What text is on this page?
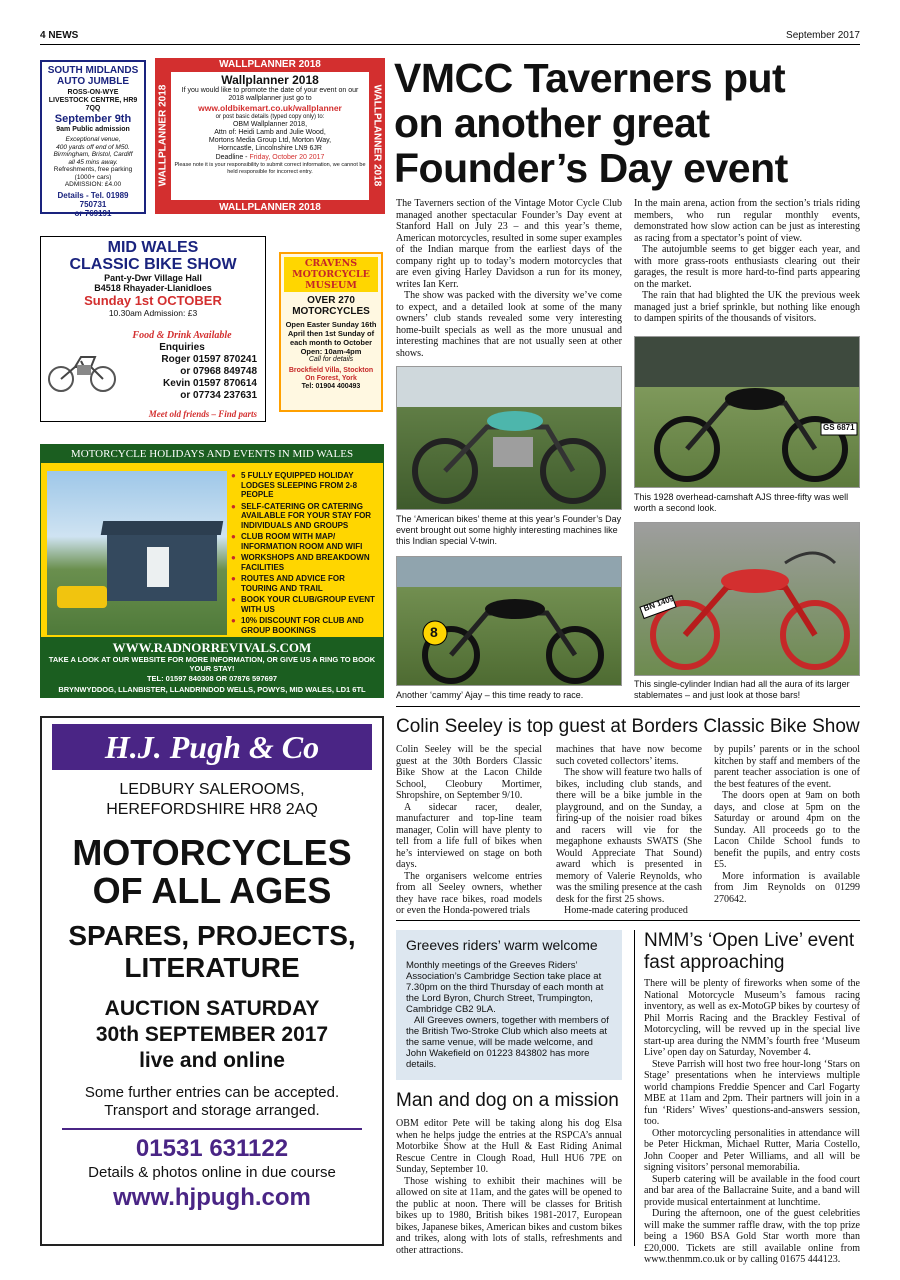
4 NEWS	September 2017
SOUTH MIDLANDS
AUTO JUMBLE
ROSS-ON-WYE
LIVESTOCK CENTRE, HR9 7QQ
September 9th
9am Public admission
Exceptional venue,
400 yards off end of M50.
Birmingham, Bristol, Cardiff
all 45 mins away.
Refreshments, free parking
(1000+ cars)
ADMISSION: £4.00
Details - Tel. 01989 750731
or 769191
WALLPLANNER 2018
WALLPLANNER 2018
WALLPLANNER 2018	WALLPLANNER 2018
Wallplanner 2018
If you would like to promote the date of your event on our 2018 wallplanner just go to
www.oldbikemart.co.uk/wallplanner
or post basic details (typed copy only) to:
OBM Wallplanner 2018,
Attn of: Heidi Lamb and Julie Wood,
Mortons Media Group Ltd, Morton Way,
Horncastle, Lincolnshire LN9 6JR
Deadline - Friday, October 20 2017
Please note it is your responsibility to submit correct information, we cannot be held responsible for incorrect entry.
MID WALES
CLASSIC BIKE SHOW
Pant-y-Dwr Village Hall
B4518 Rhayader-Llanidloes
Sunday 1st OCTOBER
10.30am Admission: £3
Food & Drink Available
Enquiries
Roger 01597 870241
or 07968 849748
Kevin 01597 870614
or 07734 237631
Meet old friends – Find parts
CRAVENS MOTORCYCLE MUSEUM
OVER 270 MOTORCYCLES
Open Easter Sunday 16th April then 1st Sunday of each month to October
Open: 10am-4pm
Call for details
Brockfield Villa, Stockton On Forest, York
Tel: 01904 400493
MOTORCYCLE HOLIDAYS AND EVENTS IN MID WALES
● 5 FULLY EQUIPPED HOLIDAY LODGES SLEEPING FROM 2-8 PEOPLE
● SELF-CATERING OR CATERING AVAILABLE FOR YOUR STAY FOR INDIVIDUALS AND GROUPS
● CLUB ROOM WITH MAP/ INFORMATION ROOM AND WIFI
● WORKSHOPS AND BREAKDOWN FACILITIES
● ROUTES AND ADVICE FOR TOURING AND TRAIL
● BOOK YOUR CLUB/GROUP EVENT WITH US
● 10% DISCOUNT FOR CLUB AND GROUP BOOKINGS
WWW.RADNORREVIVALS.COM
TAKE A LOOK AT OUR WEBSITE FOR MORE INFORMATION, OR GIVE US A RING TO BOOK YOUR STAY!
TEL: 01597 840308 OR 07876 597697
BRYNWYDDOG, LLANBISTER, LLANDRINDOD WELLS, POWYS, MID WALES, LD1 6TL
H.J. Pugh & Co
LEDBURY SALEROOMS,
HEREFORDSHIRE HR8 2AQ
MOTORCYCLES
OF ALL AGES
SPARES, PROJECTS,
LITERATURE
AUCTION SATURDAY
30th SEPTEMBER 2017
live and online
Some further entries can be accepted.
Transport and storage arranged.
01531 631122
Details & photos online in due course
www.hjpugh.com
VMCC Taverners put
on another great
Founder’s Day event

The Taverners section of the Vintage Motor Cycle Club managed another spectacular Founder’s Day event at Stanford Hall on July 23 – and this year’s theme, American motorcycles, resulted in some super examples of the Indian marque from the earliest days of the company right up to today’s modern motorcycles that are even giving Harley Davidson a run for its money, writes Ian Kerr.

The show was packed with the diversity we’ve come to expect, and a detailed look at some of the many owners’ club stands revealed some very interesting home-built specials as well as the more unusual and interesting machines that are not usually seen at other shows.

In the main arena, action from the section’s trials riding members, who run regular monthly events, demonstrated how slow action can be just as interesting as racing from a spectator’s point of view.

The autojumble seems to get bigger each year, and with more grass-roots enthusiasts clearing out their garages, the result is more hard-to-find parts appearing on the market.

The rain that had blighted the UK the previous week managed just a brief sprinkle, but nothing like enough to dampen spirits of the thousands of visitors.

The ‘American bikes’ theme at this year’s Founder’s Day event brought out some highly interesting machines like this Indian special V-twin.
GS 6871
This 1928 overhead-camshaft AJS three-fifty was well worth a second look.
8
Another ‘cammy’ Ajay – this time ready to race.
BN 1409
This single-cylinder Indian had all the aura of its larger stablemates – and just look at those bars!
Colin Seeley is top guest at Borders Classic Bike Show

Colin Seeley will be the special guest at the 30th Borders Classic Bike Show at the Lacon Childe School, Cleobury Mortimer, Shropshire, on September 9/10.

A sidecar racer, dealer, manufacturer and top-line team manager, Colin will have plenty to tell from a life full of bikes when he’s interviewed on stage on both days.

The organisers welcome entries from all Seeley owners, whether they have race bikes, road models or even the Honda-powered trials

machines that have now become such coveted collectors’ items.

The show will feature two halls of bikes, including club stands, and there will be a bike jumble in the playground, and on the Sunday, a firing-up of the noisier road bikes and racers will vie for the megaphone exhausts SWATS (She Would Appreciate That Sound) award which is presented in memory of Valerie Reynolds, who was the smiling presence at the cash desk for the first 25 shows.

Home-made catering produced

by pupils’ parents or in the school kitchen by staff and members of the parent teacher association is one of the best features of the event.

The doors open at 9am on both days, and close at 5pm on the Saturday or around 4pm on the Sunday. All proceeds go to the Lacon Childe School funds to benefit the pupils, and entry costs £5.

More information is available from Jim Reynolds on 01299 270642.

Greeves riders’ warm welcome

Monthly meetings of the Greeves Riders’ Association’s Cambridge Section take place at 7.30pm on the third Thursday of each month at the Lord Byron, Church Street, Trumpington, Cambridge CB2 9LA.

All Greeves owners, together with members of the British Two-Stroke Club which also meets at the same venue, will be made welcome, and John Wakefield on 01223 843802 has more details.

Man and dog on a mission

OBM editor Pete will be taking along his dog Elsa when he helps judge the entries at the RSPCA’s annual Motorbike Show at the Hull & East Riding Animal Rescue Centre in Clough Road, Hull HU6 7PE on Sunday, September 10.

Those wishing to exhibit their machines will be allowed on site at 11am, and the gates will be opened to the public at noon. There will be classes for British bikes up to 1980, British bikes 1981-2017, European bikes, Japanese bikes, American bikes and custom bikes and trikes, along with lots of stalls, refreshments and other attractions.

NMM’s ‘Open Live’ event
fast approaching

There will be plenty of fireworks when some of the National Motorcycle Museum’s famous racing inventory, as well as ex-MotoGP bikes by courtesy of Phil Morris Racing and the Brackley Festival of Motorcycling, will be revved up in the special live start-up area during the NMM’s fourth free ‘Museum Live’ open day on Saturday, November 4.

Steve Parrish will host two free hour-long ‘Stars on Stage’ presentations when he interviews multiple world champions Freddie Spencer and Carl Fogarty MBE at 11am and 2pm. Their partners will join in a fun ‘Riders’ Wives’ questions-and-answers session, too.

Other motorcycling personalities in attendance will be Peter Hickman, Michael Rutter, Maria Costello, John Cooper and Peter Williams, and all will be signing visitors’ personal memorabilia.

Superb catering will be available in the food court and bar area of the Ballacraine Suite, and a band will provide musical entertainment at lunchtime.

During the afternoon, one of the guest celebrities will make the summer raffle draw, with the top prize being a 1960 BSA Gold Star worth more than £20,000. Tickets are still available online from www.thenmm.co.uk or by calling 01675 444123.
